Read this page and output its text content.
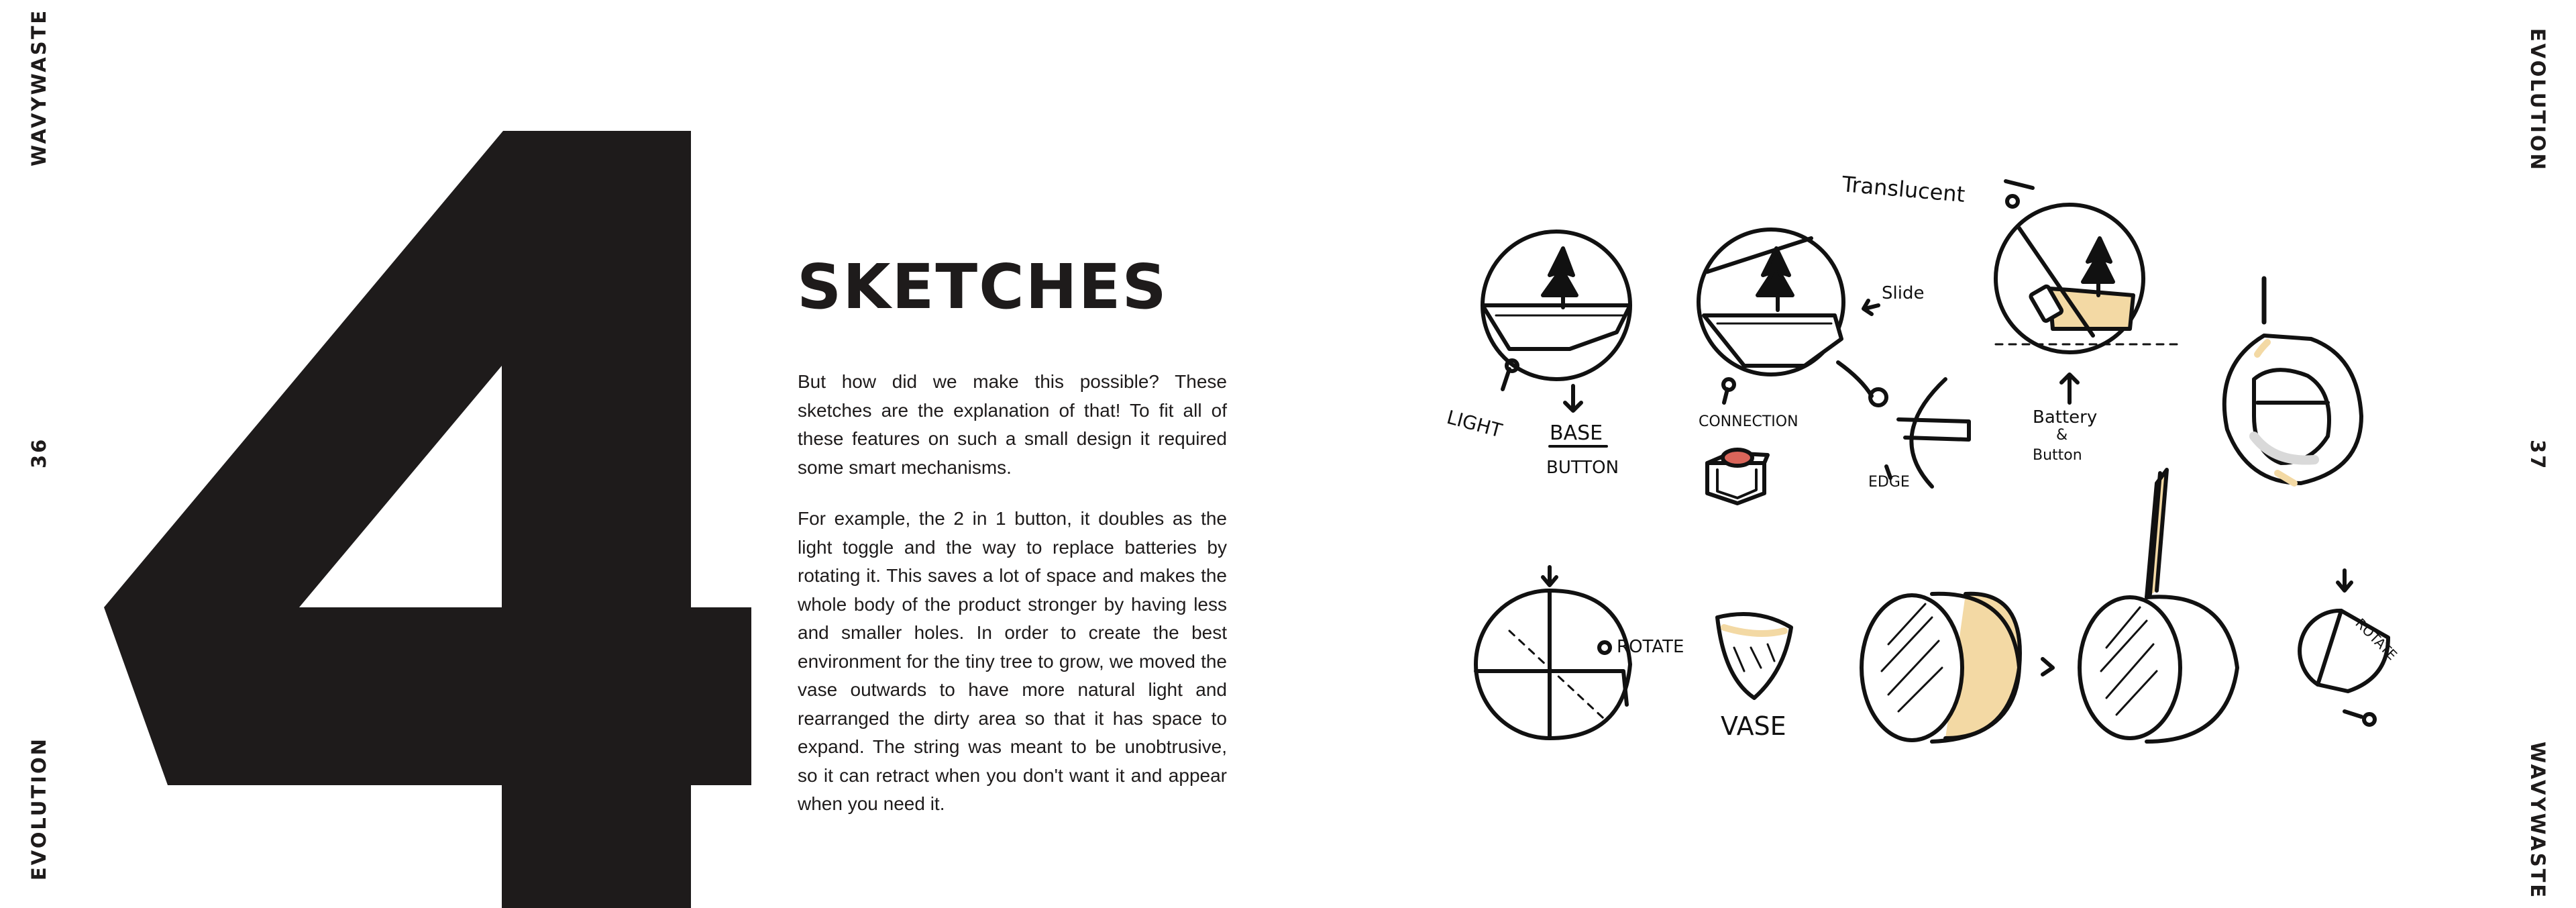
WAVYWASTE
36
EVOLUTION
EVOLUTION
37
WAVYWASTE
SKETCHES

But how did we make this possible? These sketches are the explanation of that! To fit all of these features on such a small design it required some smart mechanisms.

For example, the 2 in 1 button, it doubles as the light toggle and the way to replace batteries by rotating it. This saves a lot of space and makes the whole body of the product stronger by having less and smaller holes. In order to create the best environment for the tiny tree to grow, we moved the vase outwards to have more natural light and rearranged the dirty area so that it has space to expand. The string was meant to be unobtrusive, so it can retract when you don't want it and appear when you need it.

LIGHT BASE
BUTTON
Slide
CONNECTION
EDGE
Translucent
Battery
&
Button
ROTATE
VASE
ROTATE
